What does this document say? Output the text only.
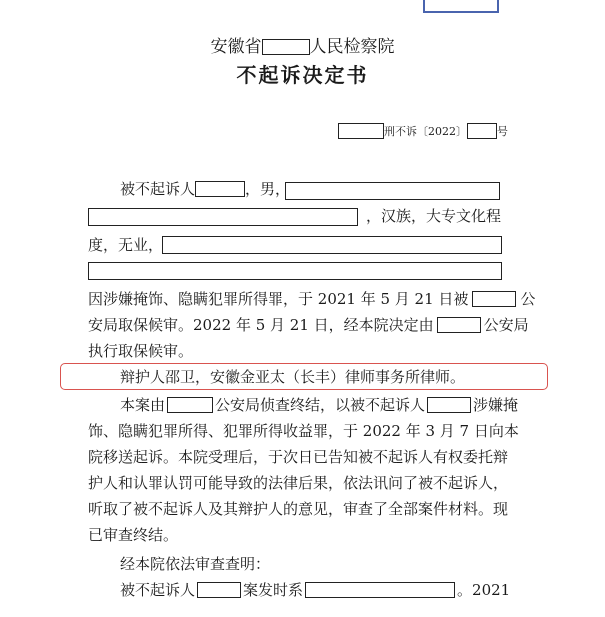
安徽省	人民检察院
不起诉决定书
刑不诉〔2022〕	号
被不起诉人	，男，
，汉族，大专文化程
度，无业，
因涉嫌掩饰、隐瞒犯罪所得罪，于 2021 年 5 月 21 日被	公
安局取保候审。2022 年 5 月 21 日，经本院决定由	公安局
执行取保候审。
辩护人邵卫，安徽金亚太（长丰）律师事务所律师。
本案由	公安局侦查终结，以被不起诉人	涉嫌掩
饰、隐瞒犯罪所得、犯罪所得收益罪，于 2022 年 3 月 7 日向本
院移送起诉。本院受理后，于次日已告知被不起诉人有权委托辩
护人和认罪认罚可能导致的法律后果，依法讯问了被不起诉人，
听取了被不起诉人及其辩护人的意见，审查了全部案件材料。现
已审查终结。
经本院依法审查查明：
被不起诉人	案发时系	。2021
